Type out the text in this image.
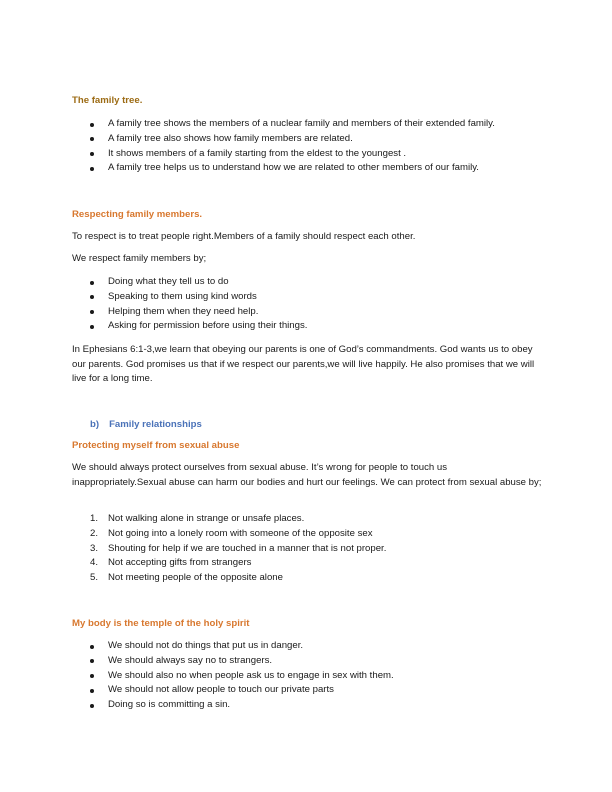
The family tree.
A family tree shows the members of a nuclear family and members of their extended family.
A family tree also shows how family members are related.
It shows members of a family starting from the eldest to the youngest .
A family tree helps us to understand how we are related to other members of our family.
Respecting family members.
To respect is to treat people right.Members of a family should respect each other.
We respect family members by;
Doing what they tell us to do
Speaking to them using kind words
Helping them when they need help.
Asking for permission before using their things.
In Ephesians 6:1-3,we learn that obeying our parents is one of God’s commandments. God wants us to obey our parents. God promises us that if we respect our parents,we will live happily. He also promises that we will live for a long time.
b) Family relationships
Protecting myself from sexual abuse
We should always protect ourselves from sexual abuse. It’s wrong for people to touch us inappropriately.Sexual abuse can harm our bodies and hurt our feelings. We can protect from sexual abuse by;
1. Not walking alone in strange or unsafe places.
2. Not going into a lonely room with someone of the opposite sex
3. Shouting for help if we are touched in a manner that is not proper.
4. Not accepting gifts from strangers
5. Not meeting people of the opposite alone
My body is the temple of the holy spirit
We should not do things that put us in danger.
We should always say no to strangers.
We should also no when people ask us to engage in sex with them.
We should not allow people to touch our private parts
Doing so is committing a sin.
